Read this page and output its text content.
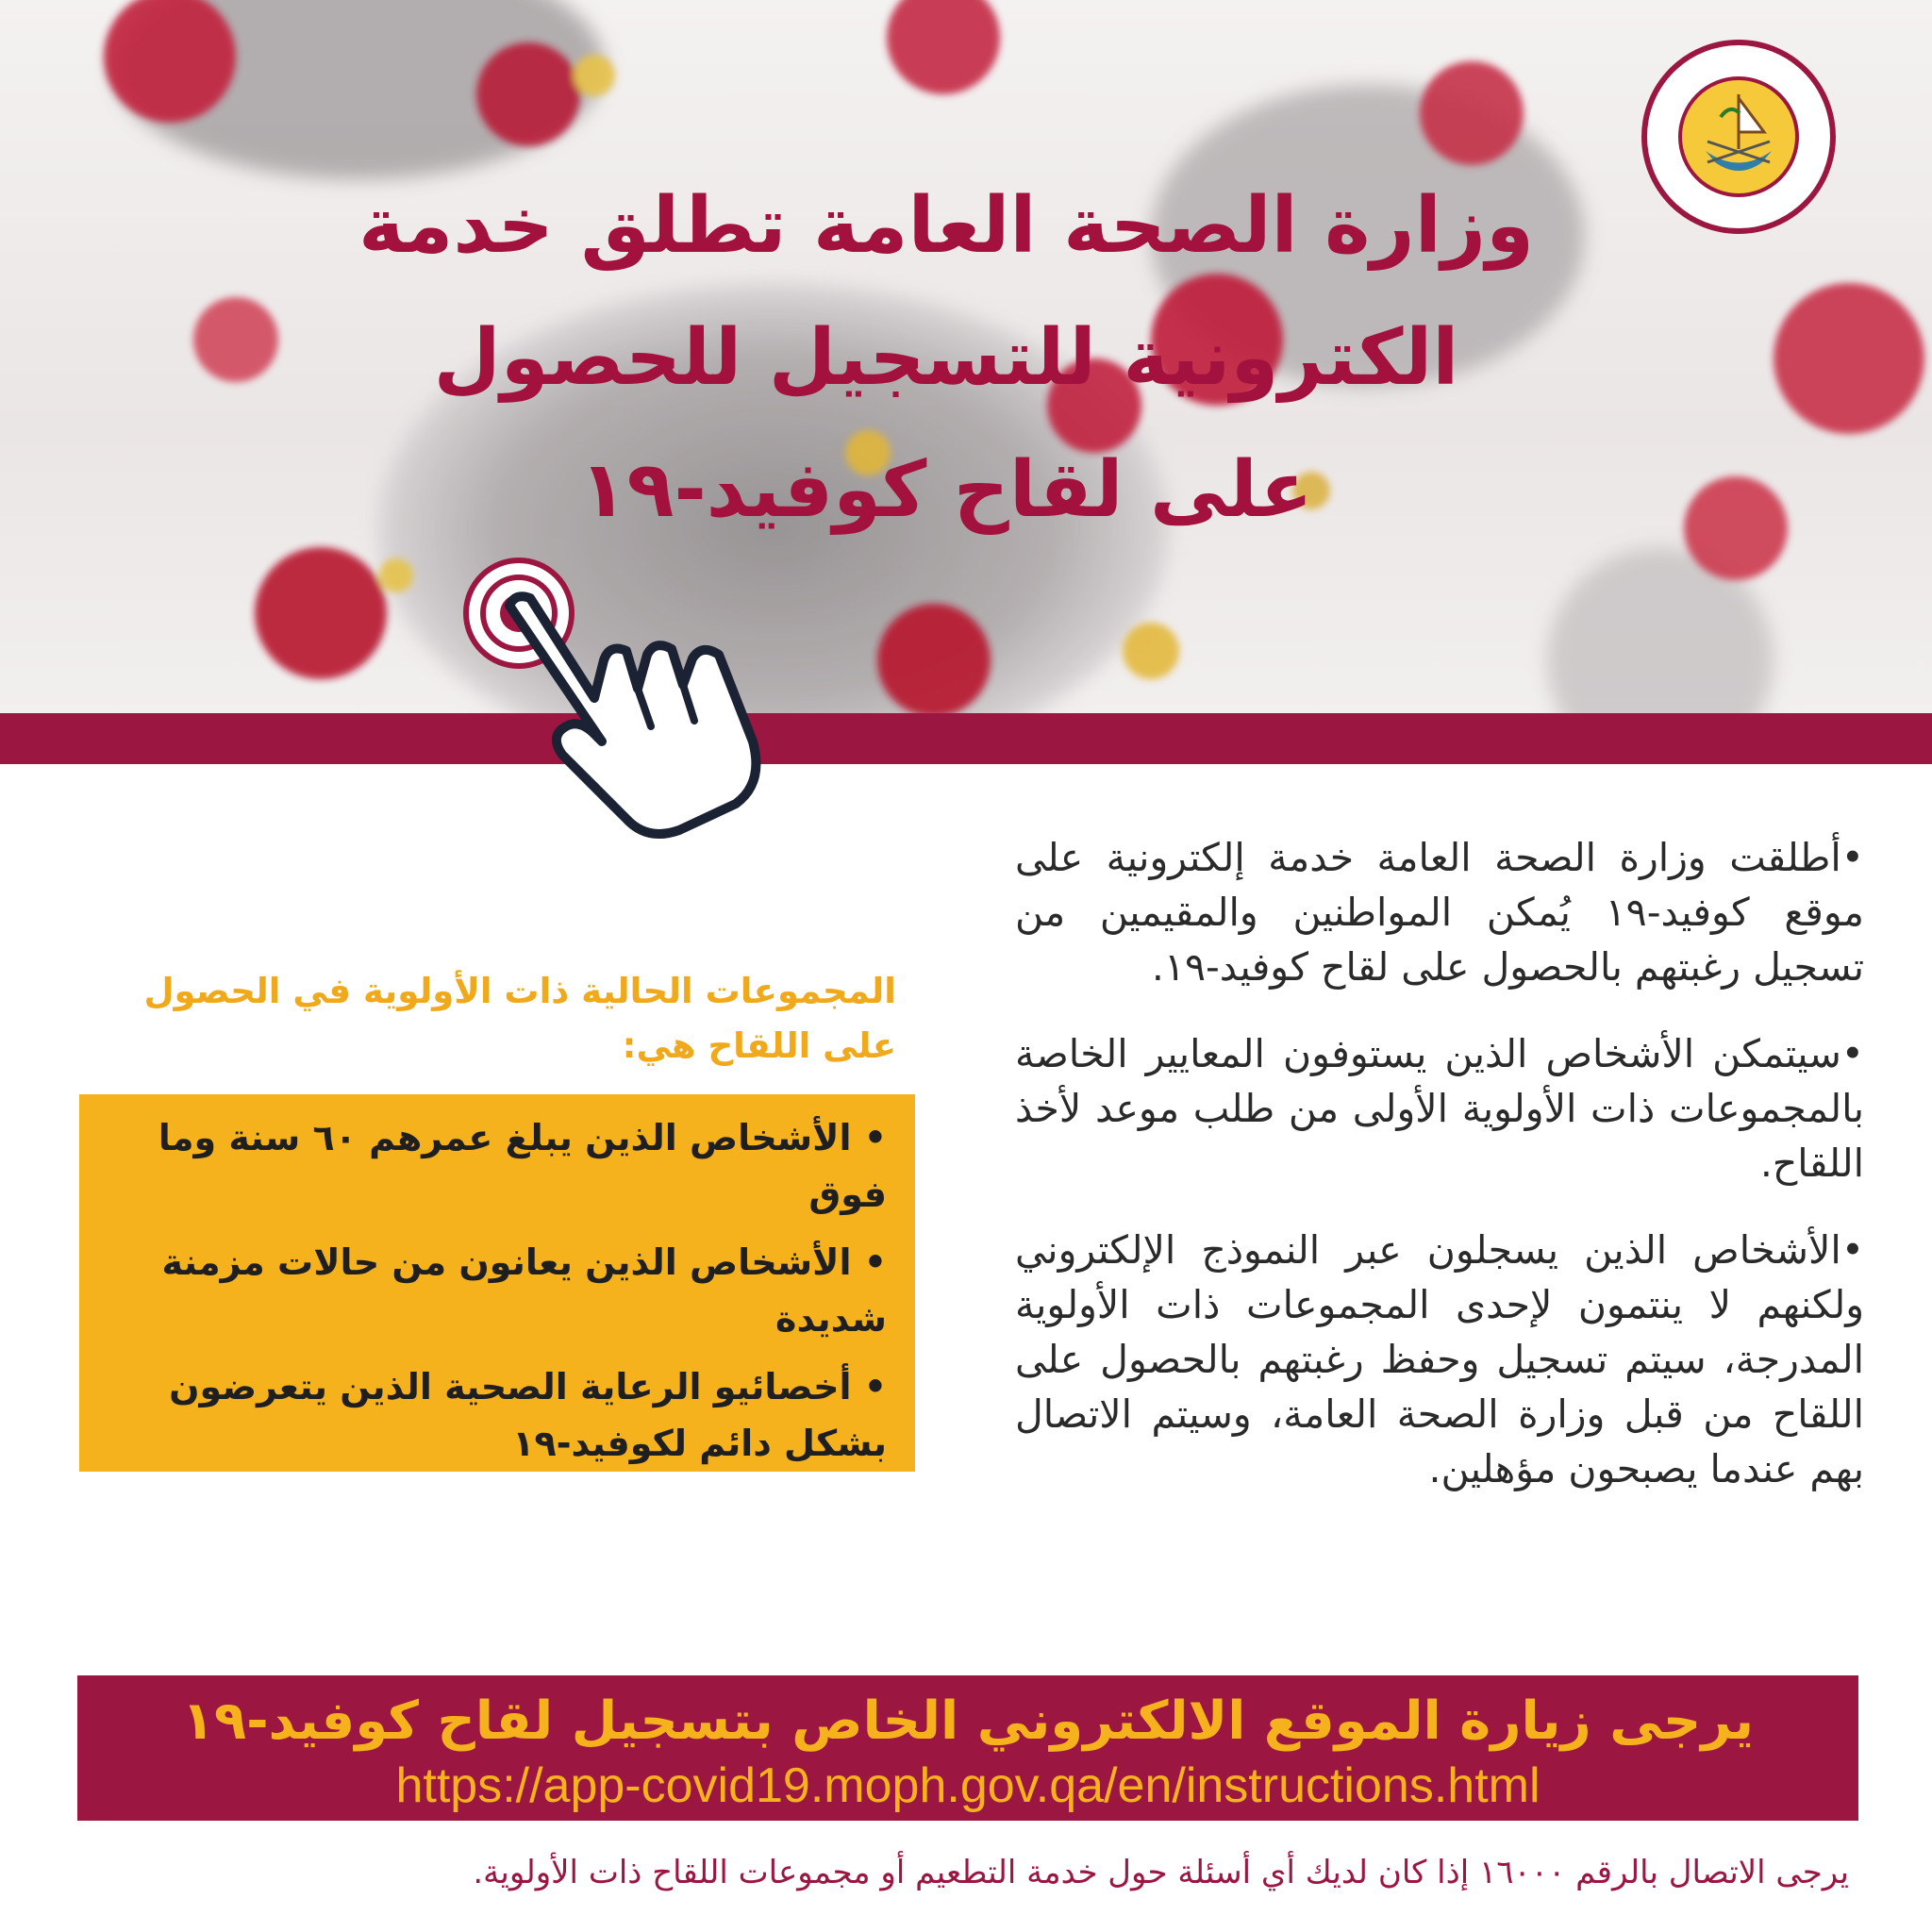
وزارة الصحة العامة تطلق خدمة
الكترونية للتسجيل للحصول
على لقاح كوفيد-١٩

•أطلقت وزارة الصحة العامة خدمة إلكترونية على موقع كوفيد-١٩ يُمكن المواطنين والمقيمين من تسجيل رغبتهم بالحصول على لقاح كوفيد-١٩.

•سيتمكن الأشخاص الذين يستوفون المعايير الخاصة بالمجموعات ذات الأولوية الأولى من طلب موعد لأخذ اللقاح.

•الأشخاص الذين يسجلون عبر النموذج الإلكتروني ولكنهم لا ينتمون لإحدى المجموعات ذات الأولوية المدرجة، سيتم تسجيل وحفظ رغبتهم بالحصول على اللقاح من قبل وزارة الصحة العامة، وسيتم الاتصال بهم عندما يصبحون مؤهلين.

المجموعات الحالية ذات الأولوية في الحصول على اللقاح هي:
• الأشخاص الذين يبلغ عمرهم ٦٠ سنة وما فوق
• الأشخاص الذين يعانون من حالات مزمنة شديدة
• أخصائيو الرعاية الصحية الذين يتعرضون بشكل دائم لكوفيد-١٩
يرجى زيارة الموقع الالكتروني الخاص بتسجيل لقاح كوفيد-١٩
https://app-covid19.moph.gov.qa/en/instructions.html
يرجى الاتصال بالرقم ١٦٠٠٠ إذا كان لديك أي أسئلة حول خدمة التطعيم أو مجموعات اللقاح ذات الأولوية.
